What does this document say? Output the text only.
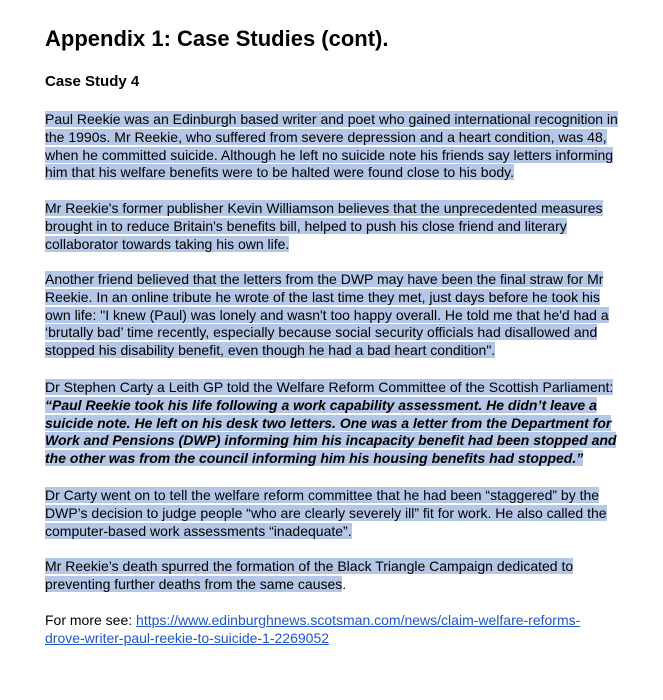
Appendix 1: Case Studies (cont).
Case Study 4
Paul Reekie was an Edinburgh based writer and poet who gained international recognition in
the 1990s. Mr Reekie, who suffered from severe depression and a heart condition, was 48,
when he committed suicide. Although he left no suicide note his friends say letters informing
him that his welfare benefits were to be halted were found close to his body.
Mr Reekie's former publisher Kevin Williamson believes that the unprecedented measures
brought in to reduce Britain's benefits bill, helped to push his close friend and literary
collaborator towards taking his own life.
Another friend believed that the letters from the DWP may have been the final straw for Mr
Reekie. In an online tribute he wrote of the last time they met, just days before he took his
own life: "I knew (Paul) was lonely and wasn't too happy overall. He told me that he'd had a
‘brutally bad’ time recently, especially because social security officials had disallowed and
stopped his disability benefit, even though he had a bad heart condition".
Dr Stephen Carty a Leith GP told the Welfare Reform Committee of the Scottish Parliament:
“Paul Reekie took his life following a work capability assessment. He didn’t leave a
suicide note. He left on his desk two letters. One was a letter from the Department for
Work and Pensions (DWP) informing him his incapacity benefit had been stopped and
the other was from the council informing him his housing benefits had stopped.”
Dr Carty went on to tell the welfare reform committee that he had been “staggered” by the
DWP’s decision to judge people “who are clearly severely ill” fit for work. He also called the
computer-based work assessments “inadequate”.
Mr Reekie’s death spurred the formation of the Black Triangle Campaign dedicated to
preventing further deaths from the same causes.
For more see: https://www.edinburghnews.scotsman.com/news/claim-welfare-reforms-
drove-writer-paul-reekie-to-suicide-1-2269052
